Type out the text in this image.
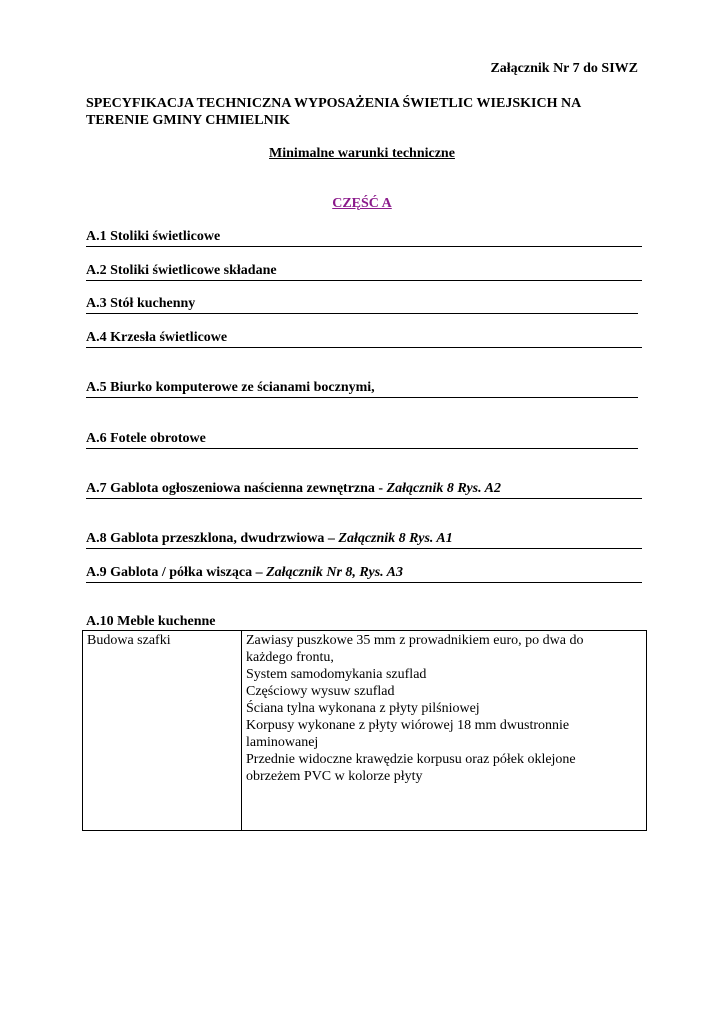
Załącznik Nr 7 do SIWZ
SPECYFIKACJA TECHNICZNA WYPOSAŻENIA ŚWIETLIC WIEJSKICH NA
TERENIE GMINY CHMIELNIK
Minimalne warunki techniczne
CZĘŚĆ A
A.1 Stoliki świetlicowe
A.2 Stoliki świetlicowe składane
A.3 Stół kuchenny
A.4 Krzesła świetlicowe
A.5 Biurko komputerowe ze ścianami bocznymi,
A.6 Fotele obrotowe
A.7 Gablota ogłoszeniowa naścienna zewnętrzna - Załącznik 8 Rys. A2
A.8 Gablota przeszklona, dwudrzwiowa – Załącznik 8 Rys. A1
A.9 Gablota / półka wisząca – Załącznik Nr 8, Rys. A3
A.10 Meble kuchenne
Budowa szafki	Zawiasy puszkowe 35 mm z prowadnikiem euro, po dwa do
każdego frontu,
System samodomykania szuflad
Częściowy wysuw szuflad
Ściana tylna wykonana z płyty pilśniowej
Korpusy wykonane z płyty wiórowej 18 mm dwustronnie
laminowanej
Przednie widoczne krawędzie korpusu oraz półek oklejone
obrzeżem PVC w kolorze płyty
